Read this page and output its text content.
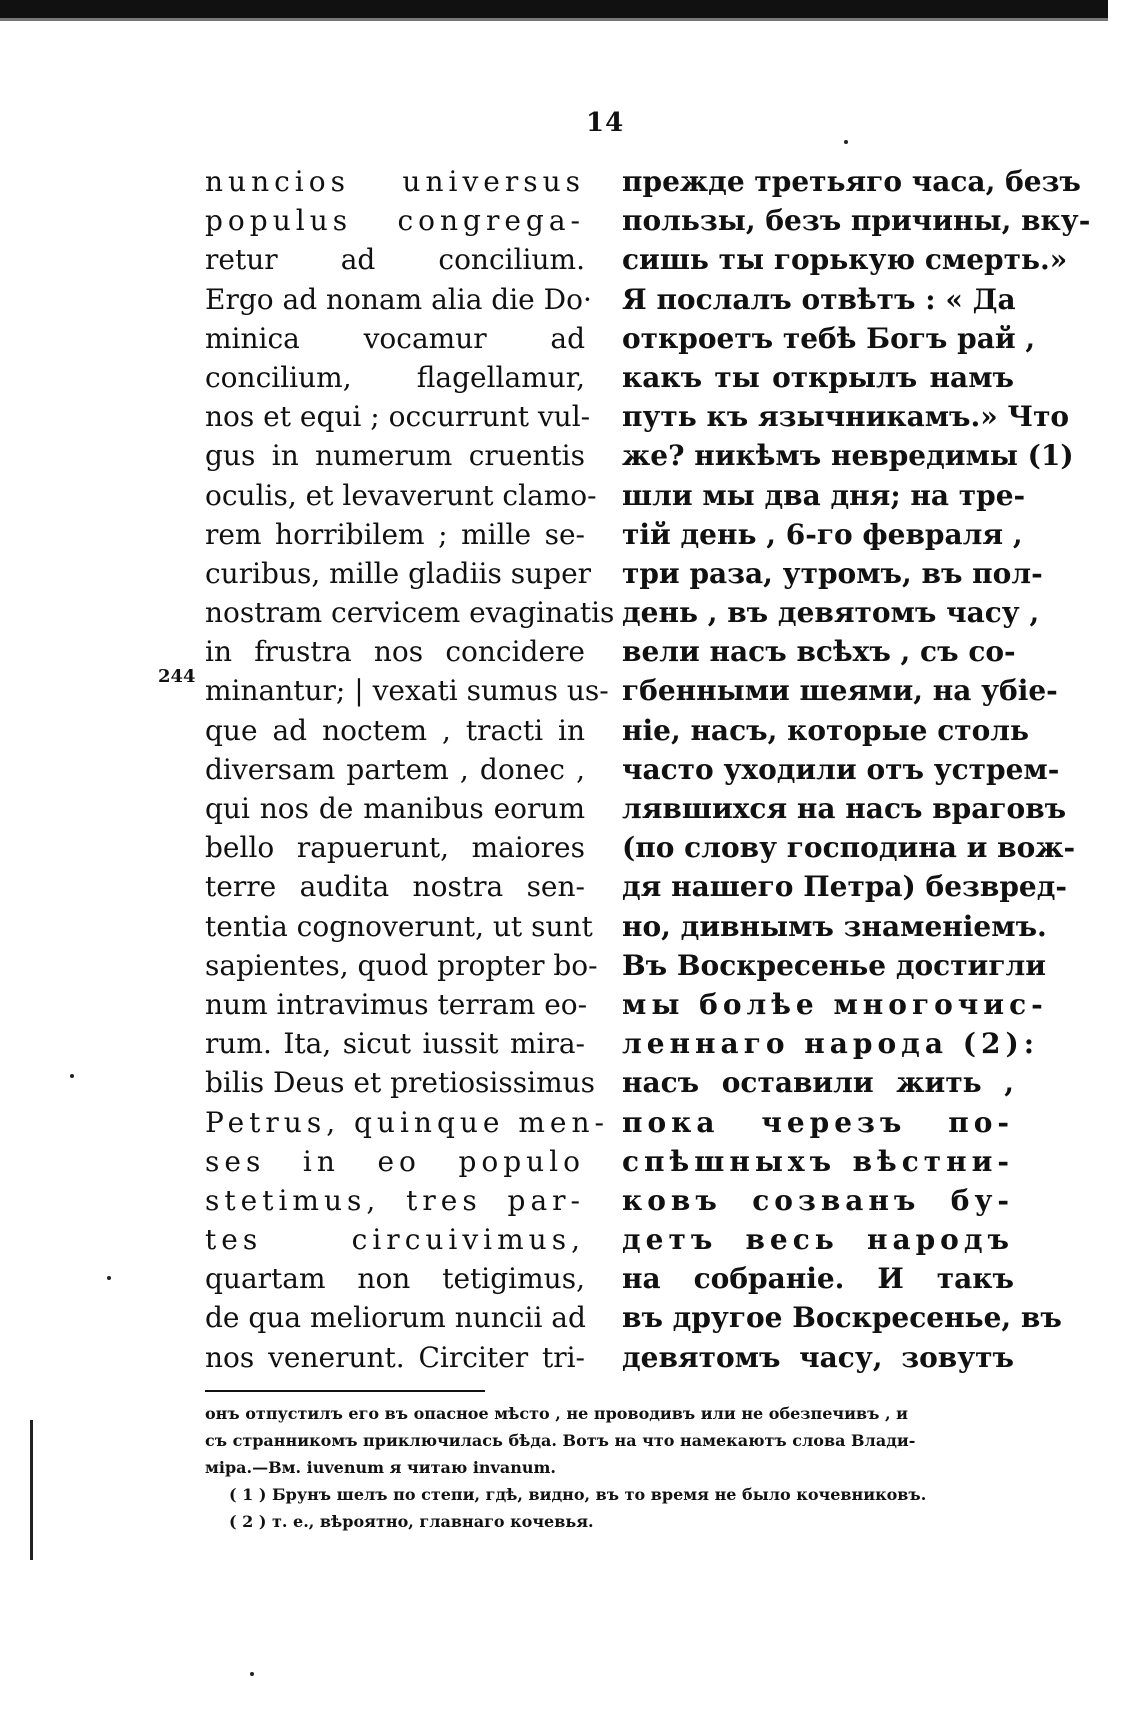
14
244
nuncios universus
populus congrega-
retur ad concilium.
Ergo ad nonam alia die Do·
minica vocamur ad
concilium, flagellamur,
nos et equi ; occurrunt vul-
gus in numerum cruentis
oculis, et levaverunt clamo-
rem horribilem ; mille se-
curibus, mille gladiis super
nostram cervicem evaginatis
in frustra nos concidere
minantur; | vexati sumus us-
que ad noctem , tracti in
diversam partem , donec ,
qui nos de manibus eorum
bello rapuerunt, maiores
terre audita nostra sen-
tentia cognoverunt, ut sunt
sapientes, quod propter bo-
num intravimus terram eo-
rum. Ita, sicut iussit mira-
bilis Deus et pretiosissimus
Petrus, quinque men-
ses in eo populo
stetimus, tres par-
tes circuivimus,
quartam non tetigimus,
de qua meliorum nuncii ad
nos venerunt. Circiter tri-
прежде третьяго часа, безъ
пользы, безъ причины, вку-
сишь ты горькую смерть.»
Я послалъ отвѣтъ : « Да
откроетъ тебѣ Богъ рай ,
какъ ты открылъ намъ
путь къ язычникамъ.» Что
же? никѣмъ невредимы (1)
шли мы два дня; на тре-
тій день , 6-го февраля ,
три раза, утромъ, въ пол-
день , въ девятомъ часу ,
вели насъ всѣхъ , съ со-
гбенными шеями, на убіе-
ніе, насъ, которые столь
часто уходили отъ устрем-
лявшихся на насъ враговъ
(по слову господина и вож-
дя нашего Петра) безвред-
но, дивнымъ знаменіемъ.
Въ Воскресенье достигли
мы болѣе многочис-
леннаго народа (2):
насъ оставили жить ,
пока черезъ по-
спѣшныхъ вѣстни-
ковъ созванъ бу-
детъ весь народъ
на собраніе. И такъ
въ другое Воскресенье, въ
девятомъ часу, зовутъ
онъ отпустилъ его въ опасное мѣсто , не проводивъ или не обезпечивъ , и
съ странникомъ приключилась бѣда. Вотъ на что намекаютъ слова Влади-
міра.—Вм. iuvenum я читаю invanum.
( 1 ) Брунъ шелъ по степи, гдѣ, видно, въ то время не было кочевниковъ.
( 2 ) т. е., вѣроятно, главнаго кочевья.
